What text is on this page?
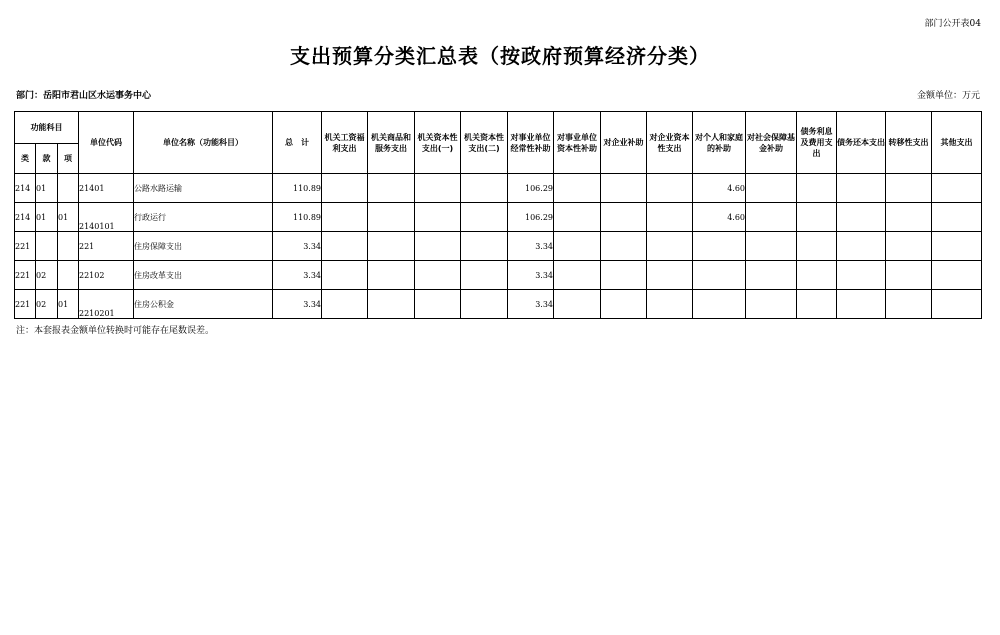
部门公开表04
支出预算分类汇总表（按政府预算经济分类）
部门：岳阳市君山区水运事务中心	金额单位：万元
功能科目			单位代码	单位名称（功能科目）	总　计	机关工资福利支出	机关商品和服务支出	机关资本性支出(一)	机关资本性支出(二)	对事业单位经常性补助	对事业单位资本性补助	对企业补助	对企业资本性支出	对个人和家庭的补助	对社会保障基金补助	债务利息及费用支出	债务还本支出	转移性支出	其他支出
类	款	项																	
214	01		21401	公路水路运输	110.89					106.29				4.60					
214	01	01	2140101	行政运行	110.89					106.29				4.60					
221			221	住房保障支出	3.34					3.34									
221	02		22102	住房改革支出	3.34					3.34									
221	02	01	2210201	住房公积金	3.34					3.34									
注：本套报表金额单位转换时可能存在尾数误差。
